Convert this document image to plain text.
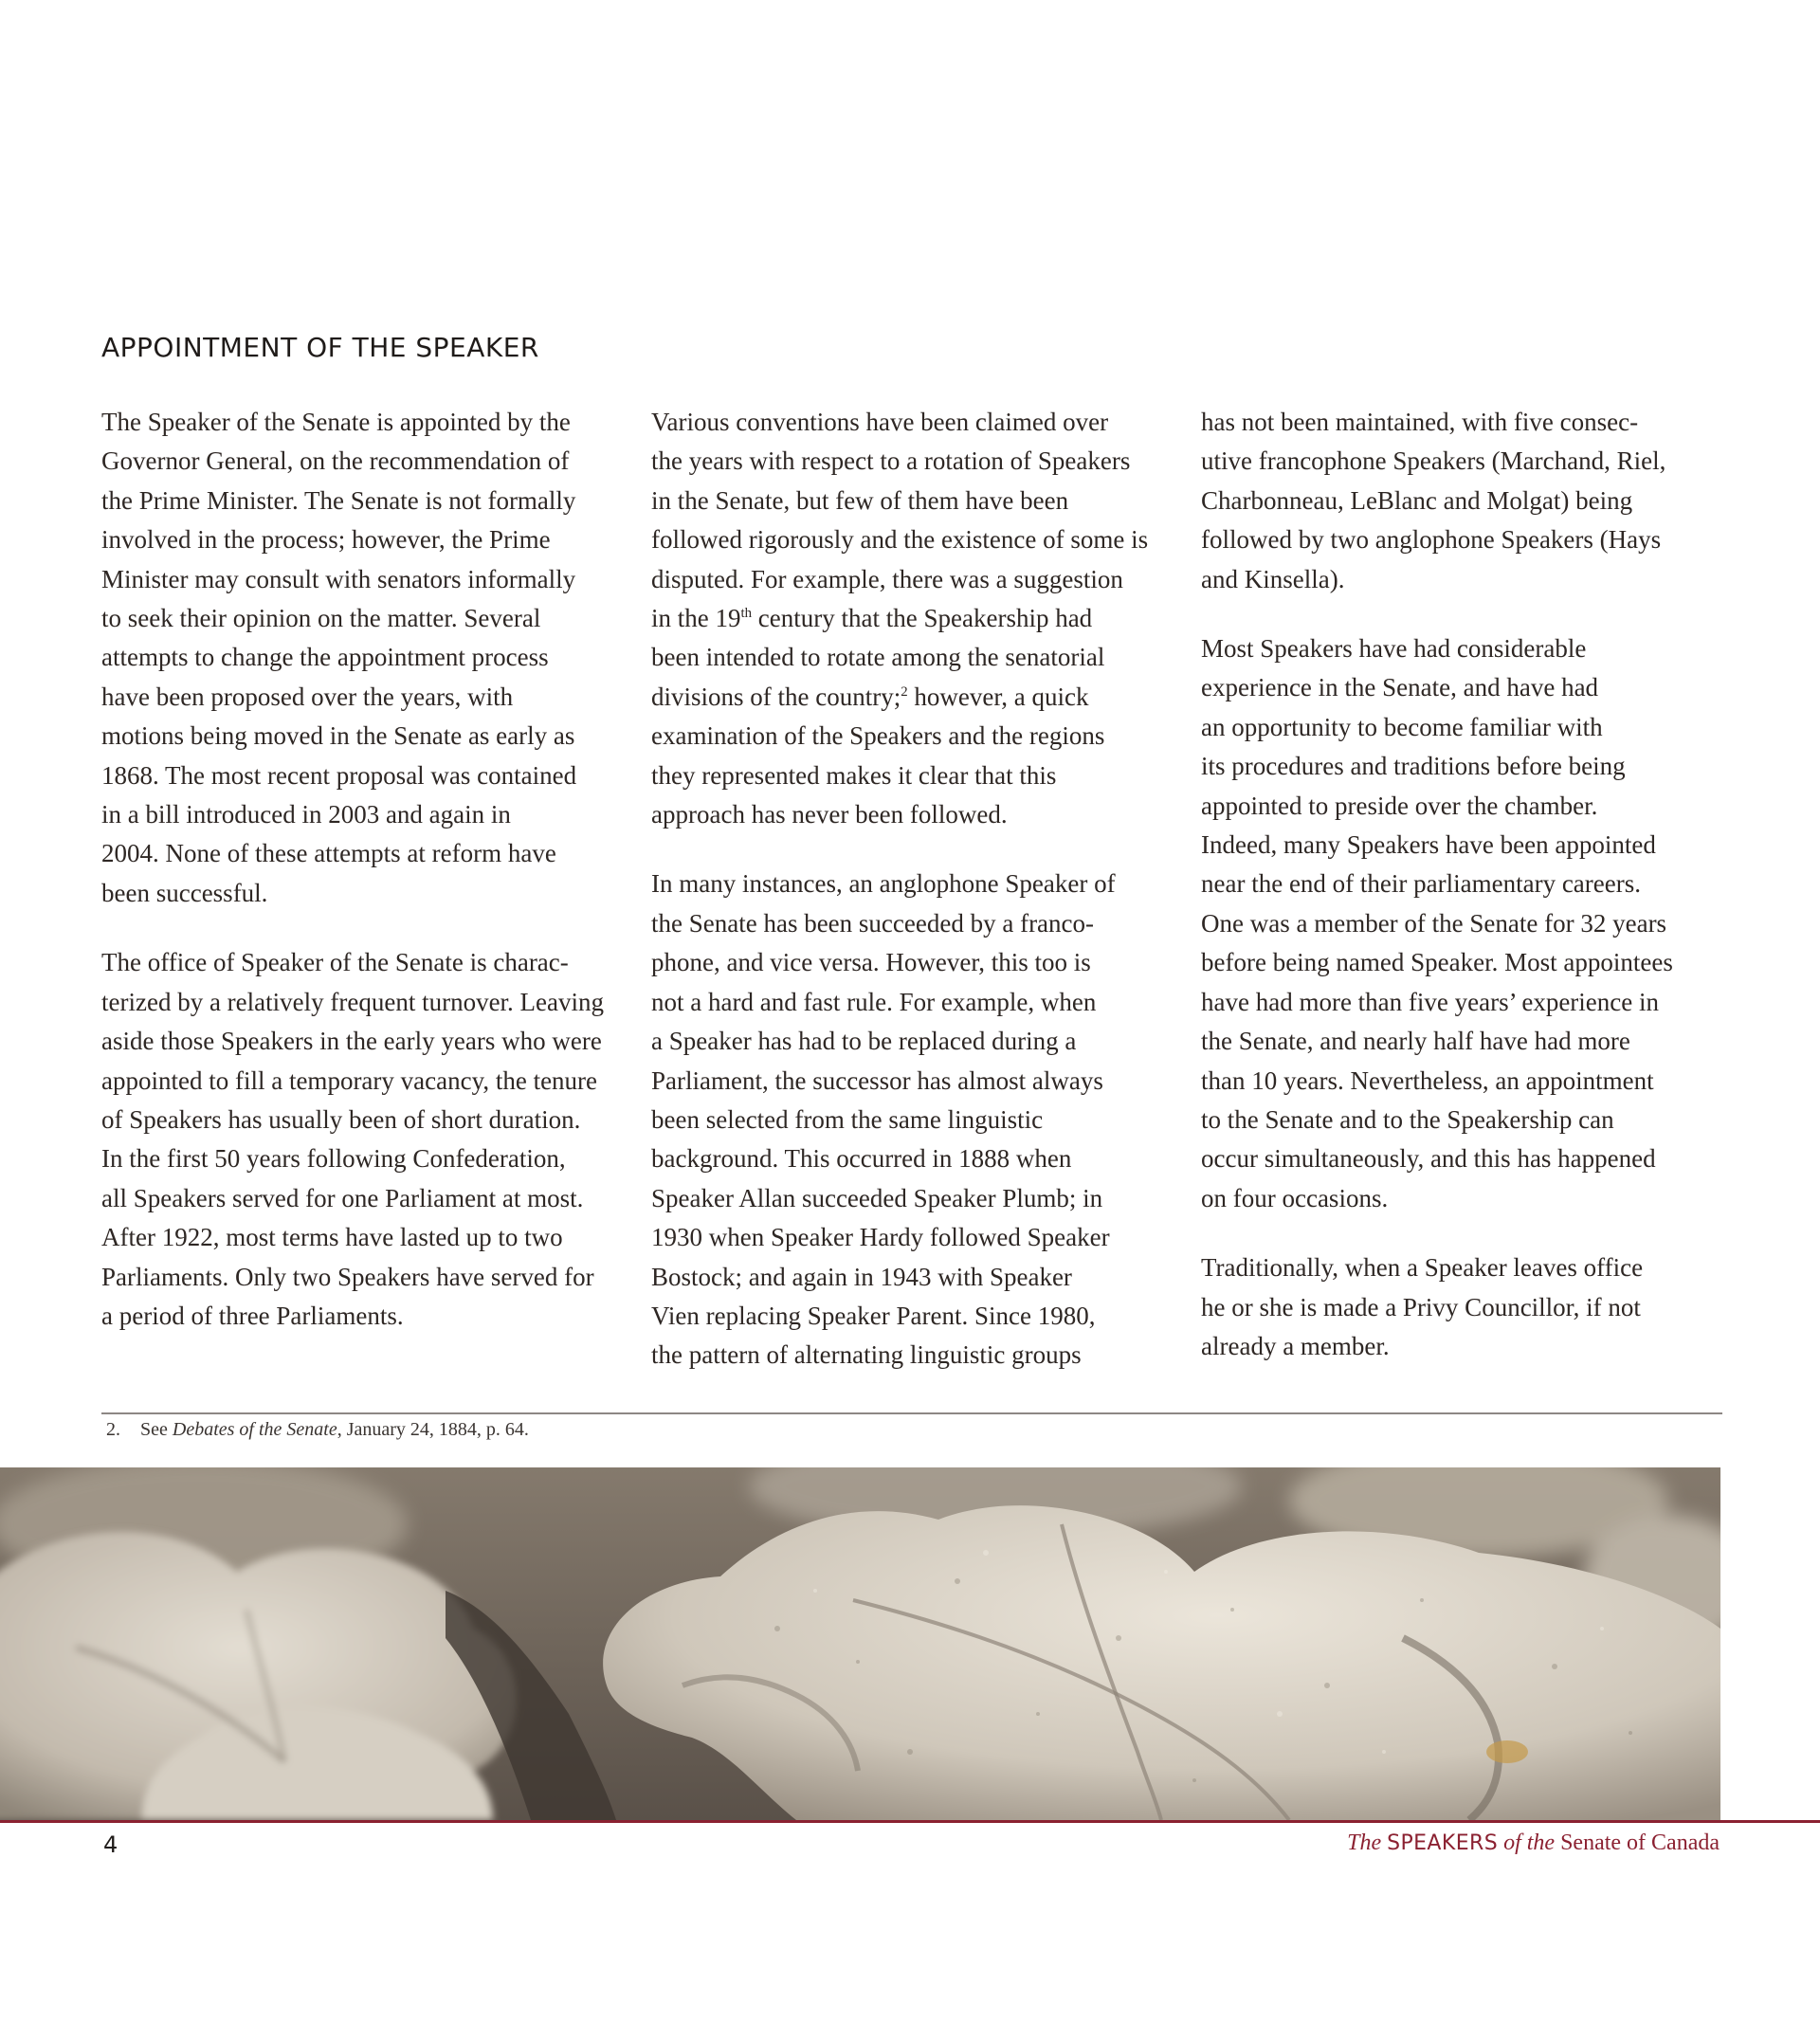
APPOINTMENT OF THE SPEAKER

The Speaker of the Senate is appointed by the
Governor General, on the recommendation of
the Prime Minister. The Senate is not formally
involved in the process; however, the Prime
Minister may consult with senators informally
to seek their opinion on the matter. Several
attempts to change the appointment process
have been proposed over the years, with
motions being moved in the Senate as early as
1868. The most recent proposal was contained
in a bill introduced in 2003 and again in
2004. None of these attempts at reform have
been successful.

The office of Speaker of the Senate is charac-
terized by a relatively frequent turnover. Leaving
aside those Speakers in the early years who were
appointed to fill a temporary vacancy, the tenure
of Speakers has usually been of short duration.
In the first 50 years following Confederation,
all Speakers served for one Parliament at most.
After 1922, most terms have lasted up to two
Parliaments. Only two Speakers have served for
a period of three Parliaments.

Various conventions have been claimed over
the years with respect to a rotation of Speakers
in the Senate, but few of them have been
followed rigorously and the existence of some is
disputed. For example, there was a suggestion
in the 19th century that the Speakership had
been intended to rotate among the senatorial
divisions of the country;$^2$ however, a quick
examination of the Speakers and the regions
they represented makes it clear that this
approach has never been followed.

In many instances, an anglophone Speaker of
the Senate has been succeeded by a franco-
phone, and vice versa. However, this too is
not a hard and fast rule. For example, when
a Speaker has had to be replaced during a
Parliament, the successor has almost always
been selected from the same linguistic
background. This occurred in 1888 when
Speaker Allan succeeded Speaker Plumb; in
1930 when Speaker Hardy followed Speaker
Bostock; and again in 1943 with Speaker
Vien replacing Speaker Parent. Since 1980,
the pattern of alternating linguistic groups

has not been maintained, with five consec-
utive francophone Speakers (Marchand, Riel,
Charbonneau, LeBlanc and Molgat) being
followed by two anglophone Speakers (Hays
and Kinsella).

Most Speakers have had considerable
experience in the Senate, and have had
an opportunity to become familiar with
its procedures and traditions before being
appointed to preside over the chamber.
Indeed, many Speakers have been appointed
near the end of their parliamentary careers.
One was a member of the Senate for 32 years
before being named Speaker. Most appointees
have had more than five years’ experience in
the Senate, and nearly half have had more
than 10 years. Nevertheless, an appointment
to the Senate and to the Speakership can
occur simultaneously, and this has happened
on four occasions.

Traditionally, when a Speaker leaves office
he or she is made a Privy Councillor, if not
already a member.

2. See Debates of the Senate, January 24, 1884, p. 64.
4	The SPEAKERS of the Senate of Canada
